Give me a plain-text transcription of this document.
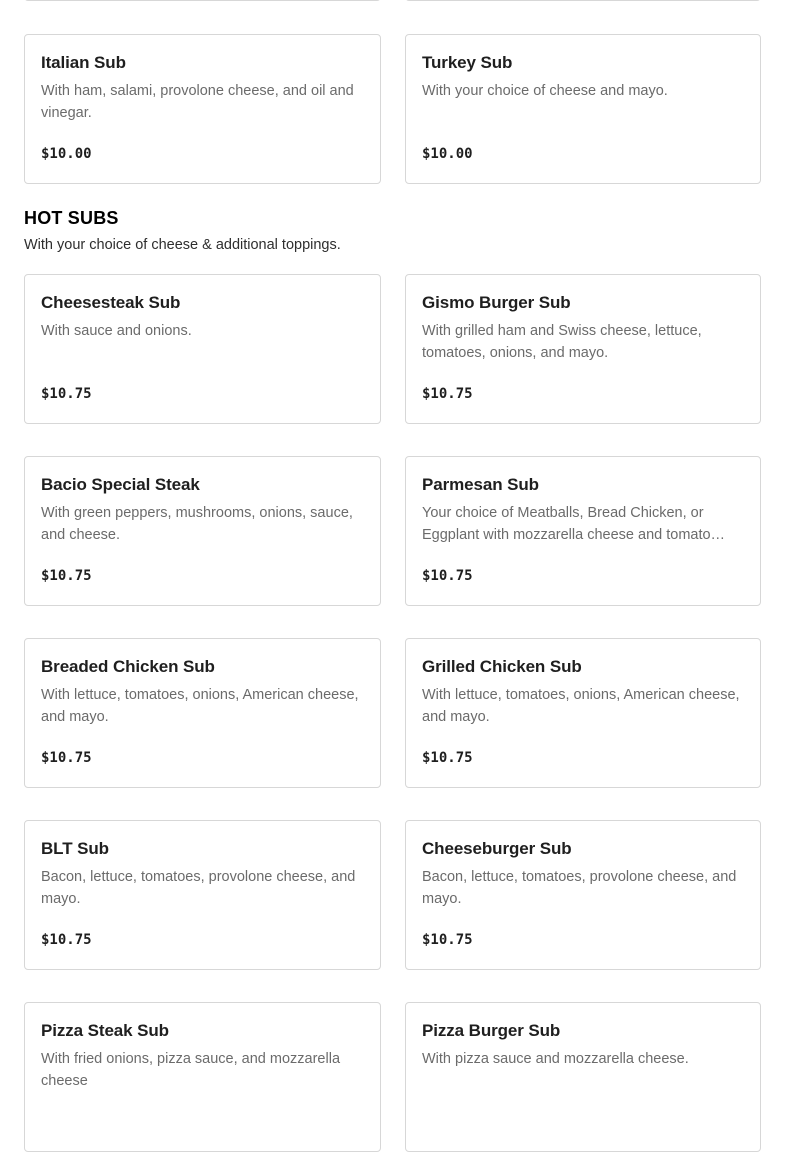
Italian Sub
With ham, salami, provolone cheese, and oil and vinegar.
$10.00
Turkey Sub
With your choice of cheese and mayo.
$10.00
HOT SUBS
With your choice of cheese & additional toppings.
Cheesesteak Sub
With sauce and onions.
$10.75
Gismo Burger Sub
With grilled ham and Swiss cheese, lettuce, tomatoes, onions, and mayo.
$10.75
Bacio Special Steak
With green peppers, mushrooms, onions, sauce, and cheese.
$10.75
Parmesan Sub
Your choice of Meatballs, Bread Chicken, or Eggplant with mozzarella cheese and tomato…
$10.75
Breaded Chicken Sub
With lettuce, tomatoes, onions, American cheese, and mayo.
$10.75
Grilled Chicken Sub
With lettuce, tomatoes, onions, American cheese, and mayo.
$10.75
BLT Sub
Bacon, lettuce, tomatoes, provolone cheese, and mayo.
$10.75
Cheeseburger Sub
Bacon, lettuce, tomatoes, provolone cheese, and mayo.
$10.75
Pizza Steak Sub
With fried onions, pizza sauce, and mozzarella cheese
Pizza Burger Sub
With pizza sauce and mozzarella cheese.
